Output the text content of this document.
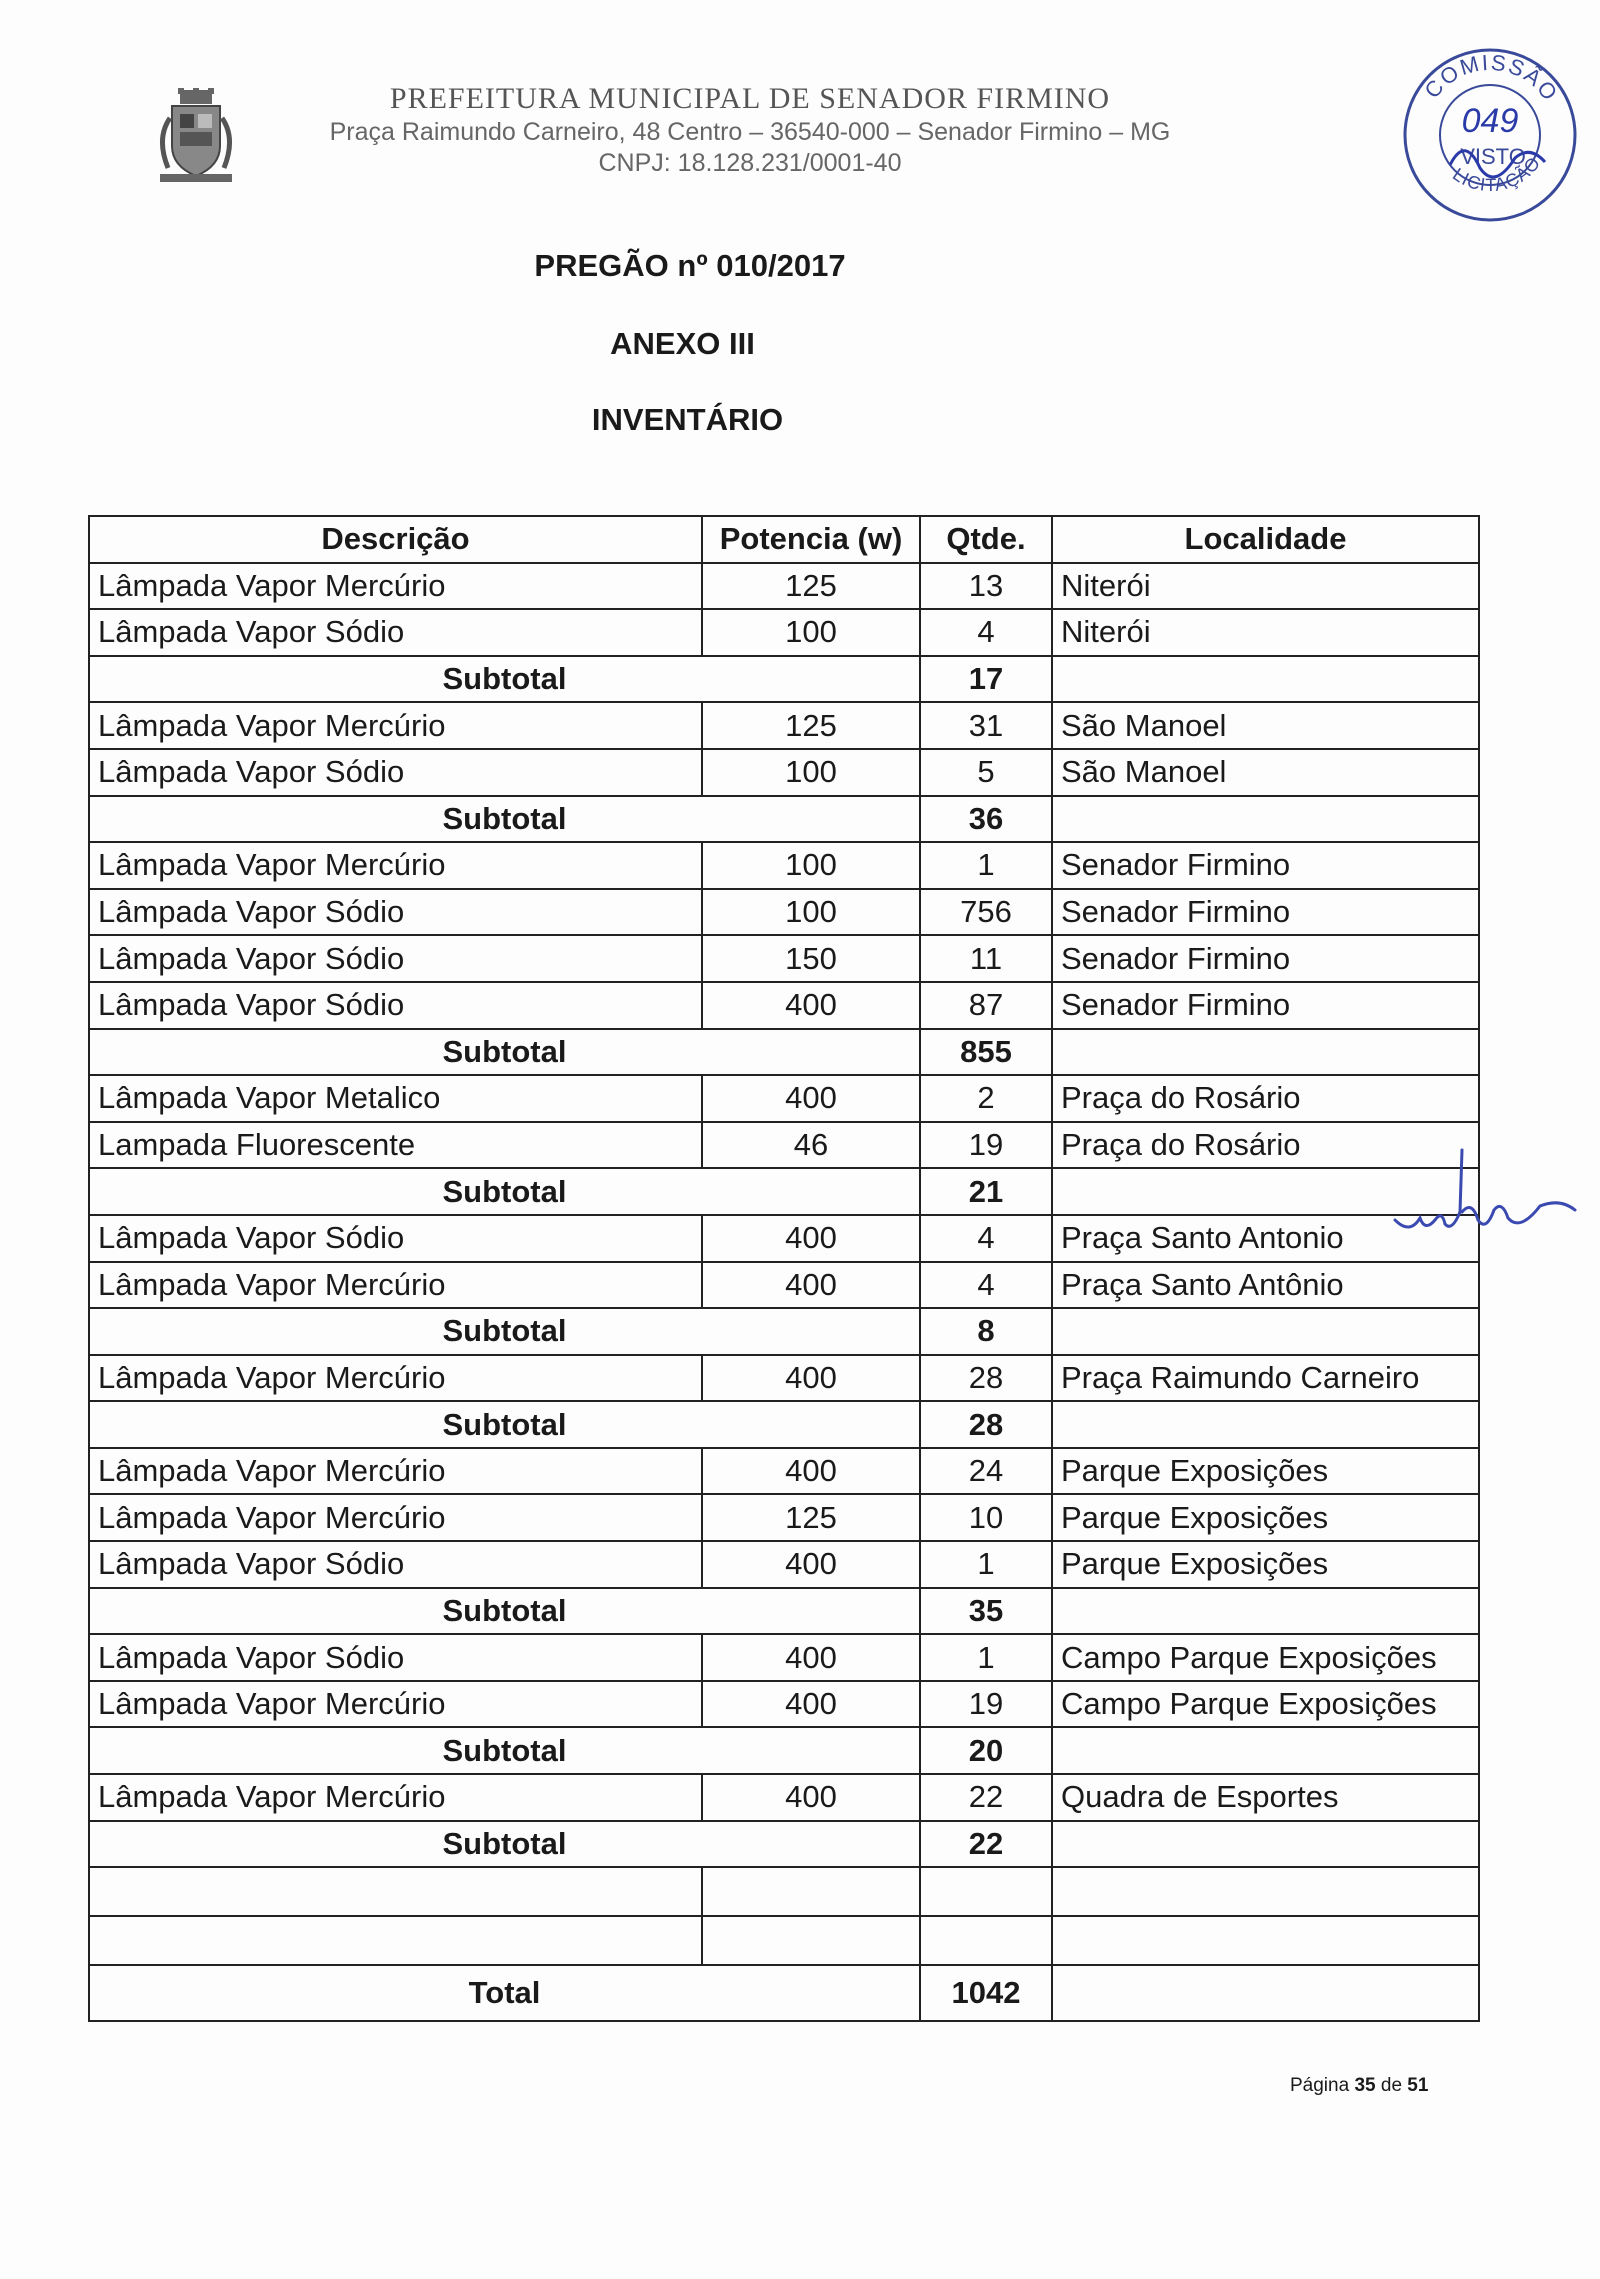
PREFEITURA MUNICIPAL DE SENADOR FIRMINO
Praça Raimundo Carneiro, 48 Centro – 36540-000 – Senador Firmino – MG
CNPJ: 18.128.231/0001-40
COMISSÃO
049
VISTO
LICITAÇÃO
PREGÃO nº 010/2017
ANEXO III
INVENTÁRIO
Descrição	Potencia (w)	Qtde.	Localidade
Lâmpada Vapor Mercúrio	125	13	Niterói
Lâmpada Vapor Sódio	100	4	Niterói
Subtotal		17	
Lâmpada Vapor Mercúrio	125	31	São Manoel
Lâmpada Vapor Sódio	100	5	São Manoel
Subtotal		36	
Lâmpada Vapor Mercúrio	100	1	Senador Firmino
Lâmpada Vapor Sódio	100	756	Senador Firmino
Lâmpada Vapor Sódio	150	11	Senador Firmino
Lâmpada Vapor Sódio	400	87	Senador Firmino
Subtotal		855	
Lâmpada Vapor Metalico	400	2	Praça do Rosário
Lampada Fluorescente	46	19	Praça do Rosário
Subtotal		21	
Lâmpada Vapor Sódio	400	4	Praça Santo Antonio
Lâmpada Vapor Mercúrio	400	4	Praça Santo Antônio
Subtotal		8	
Lâmpada Vapor Mercúrio	400	28	Praça Raimundo Carneiro
Subtotal		28	
Lâmpada Vapor Mercúrio	400	24	Parque Exposições
Lâmpada Vapor Mercúrio	125	10	Parque Exposições
Lâmpada Vapor Sódio	400	1	Parque Exposições
Subtotal		35	
Lâmpada Vapor Sódio	400	1	Campo Parque Exposições
Lâmpada Vapor Mercúrio	400	19	Campo Parque Exposições
Subtotal		20	
Lâmpada Vapor Mercúrio	400	22	Quadra de Esportes
Subtotal		22	

Total		1042	
Página 35 de 51
